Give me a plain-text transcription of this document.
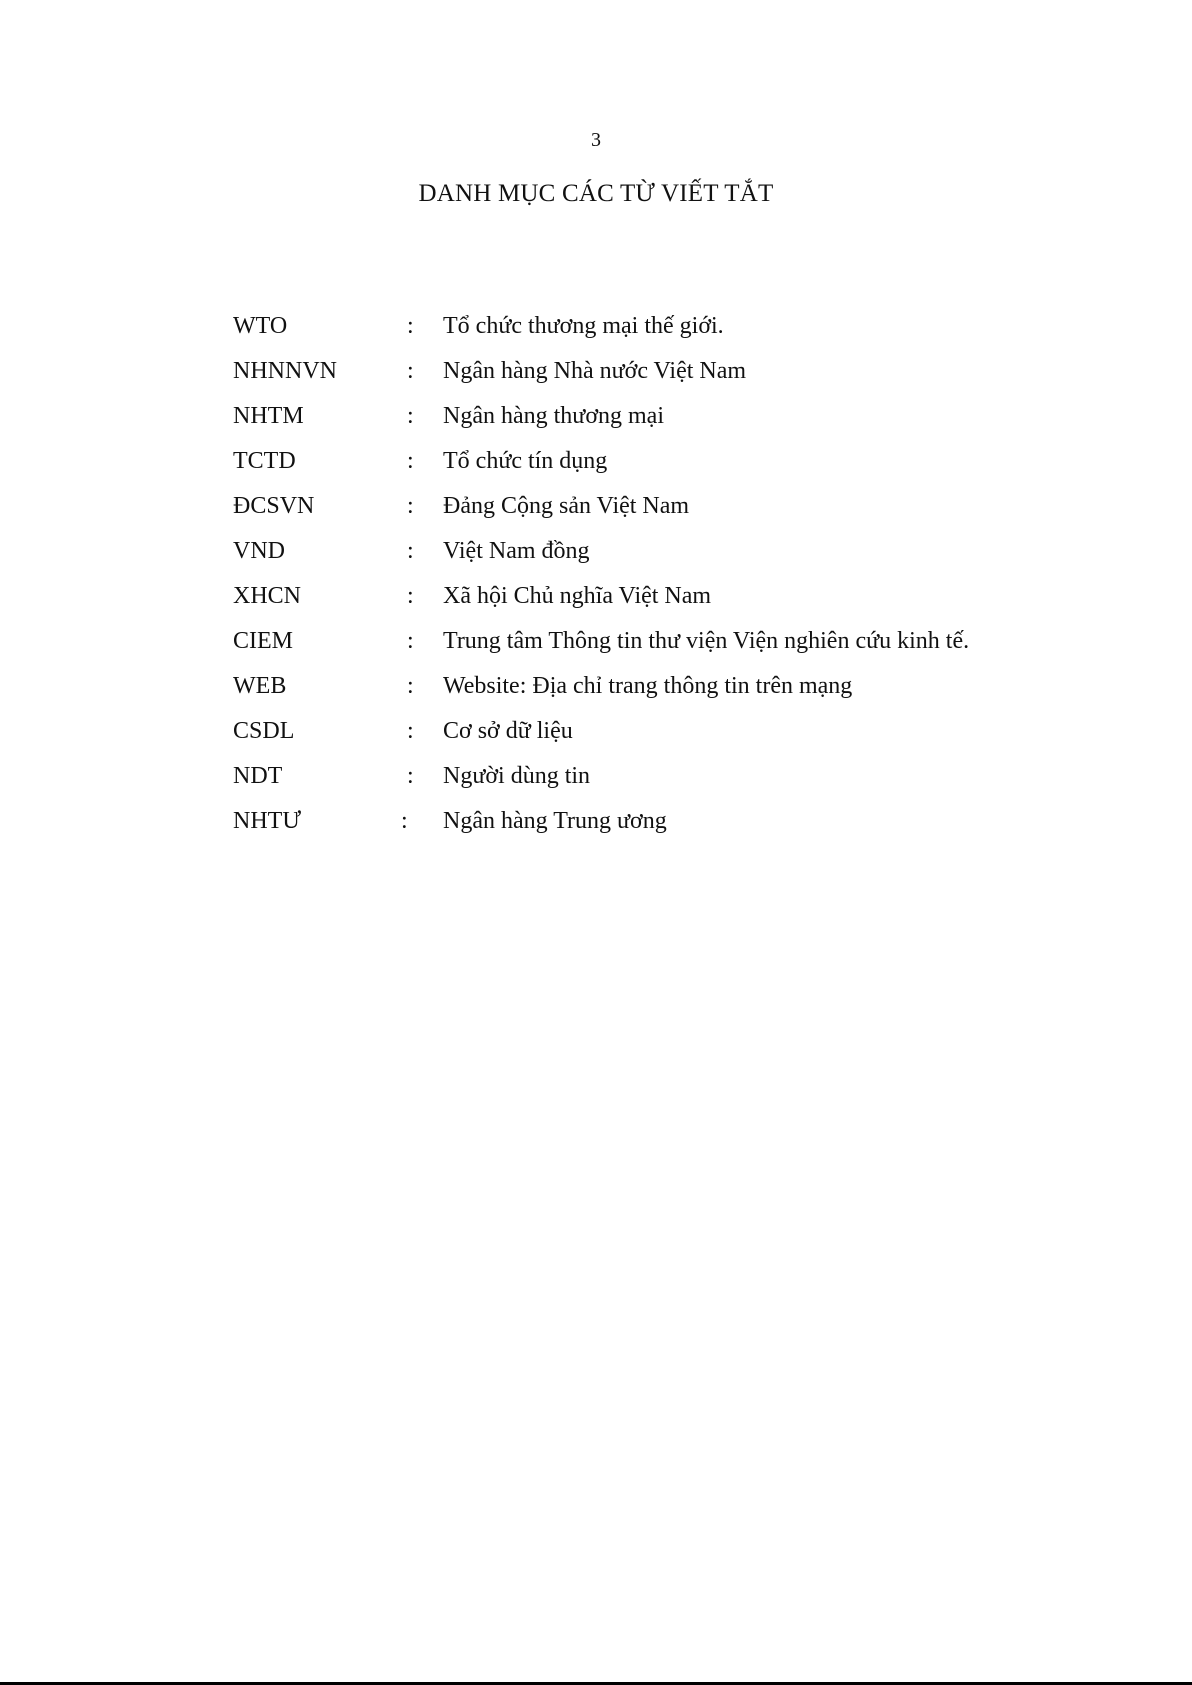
3
DANH MỤC CÁC TỪ VIẾT TẮT
WTO	: Tổ chức thương mại thế giới.
NHNNVN	: Ngân hàng Nhà nước Việt Nam
NHTM	: Ngân hàng thương mại
TCTD	: Tổ chức tín dụng
ĐCSVN	: Đảng Cộng sản Việt Nam
VND	: Việt Nam đồng
XHCN	: Xã hội Chủ nghĩa Việt Nam
CIEM	: Trung tâm Thông tin thư viện Viện nghiên cứu kinh tế.
WEB	: Website: Địa chỉ trang thông tin trên mạng
CSDL	: Cơ sở dữ liệu
NDT	: Người dùng tin
NHTƯ	: Ngân hàng Trung ương
